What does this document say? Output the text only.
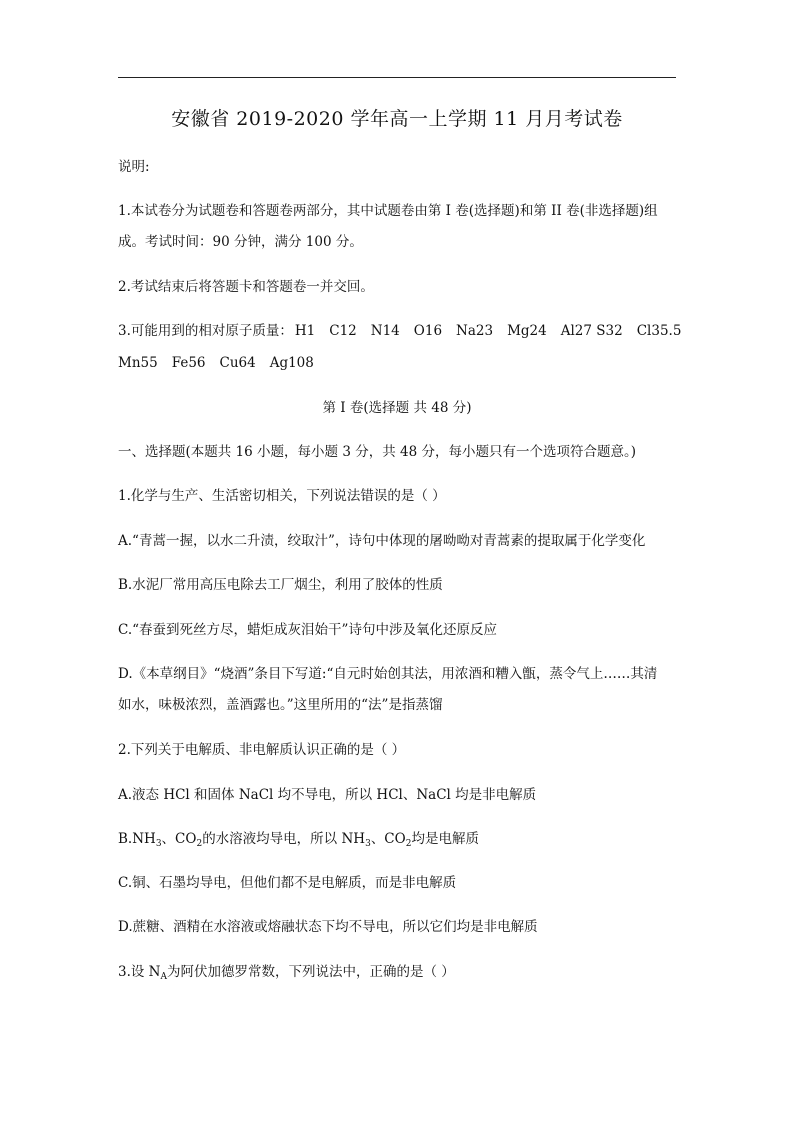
安徽省 2019-2020 学年高一上学期 11 月月考试卷
说明:
1.本试卷分为试题卷和答题卷两部分，其中试题卷由第 I 卷(选择题)和第 II 卷(非选择题)组
成。考试时间：90 分钟，满分 100 分。
2.考试结束后将答题卡和答题卷一并交回。
3.可能用到的相对原子质量： H1 C12 N14 O16 Na23 Mg24 Al27 S32 Cl35.5
Mn55 Fe56 Cu64 Ag108
第 I 卷(选择题 共 48 分)
一、选择题(本题共 16 小题，每小题 3 分，共 48 分，每小题只有一个选项符合题意。)
1.化学与生产、生活密切相关，下列说法错误的是（ ）
A.“青蒿一握，以水二升渍，绞取汁”，诗句中体现的屠呦呦对青蒿素的提取属于化学变化
B.水泥厂常用高压电除去工厂烟尘，利用了胶体的性质
C.“春蚕到死丝方尽，蜡炬成灰泪始干”诗句中涉及氧化还原反应
D.《本草纲目》“烧酒”条目下写道:“自元时始创其法，用浓酒和糟入甑，蒸令气上……其清
如水，味极浓烈，盖酒露也。”这里所用的“法”是指蒸馏
2.下列关于电解质、非电解质认识正确的是（ ）
A.液态 HCl 和固体 NaCl 均不导电，所以 HCl、NaCl 均是非电解质
$B.NH_3$、$CO_2$的水溶液均导电，所以 $NH_3$、$CO_2$均是电解质
C.铜、石墨均导电，但他们都不是电解质，而是非电解质
D.蔗糖、酒精在水溶液或熔融状态下均不导电，所以它们均是非电解质
3.设 $N_A$为阿伏加德罗常数，下列说法中，正确的是（ ）
